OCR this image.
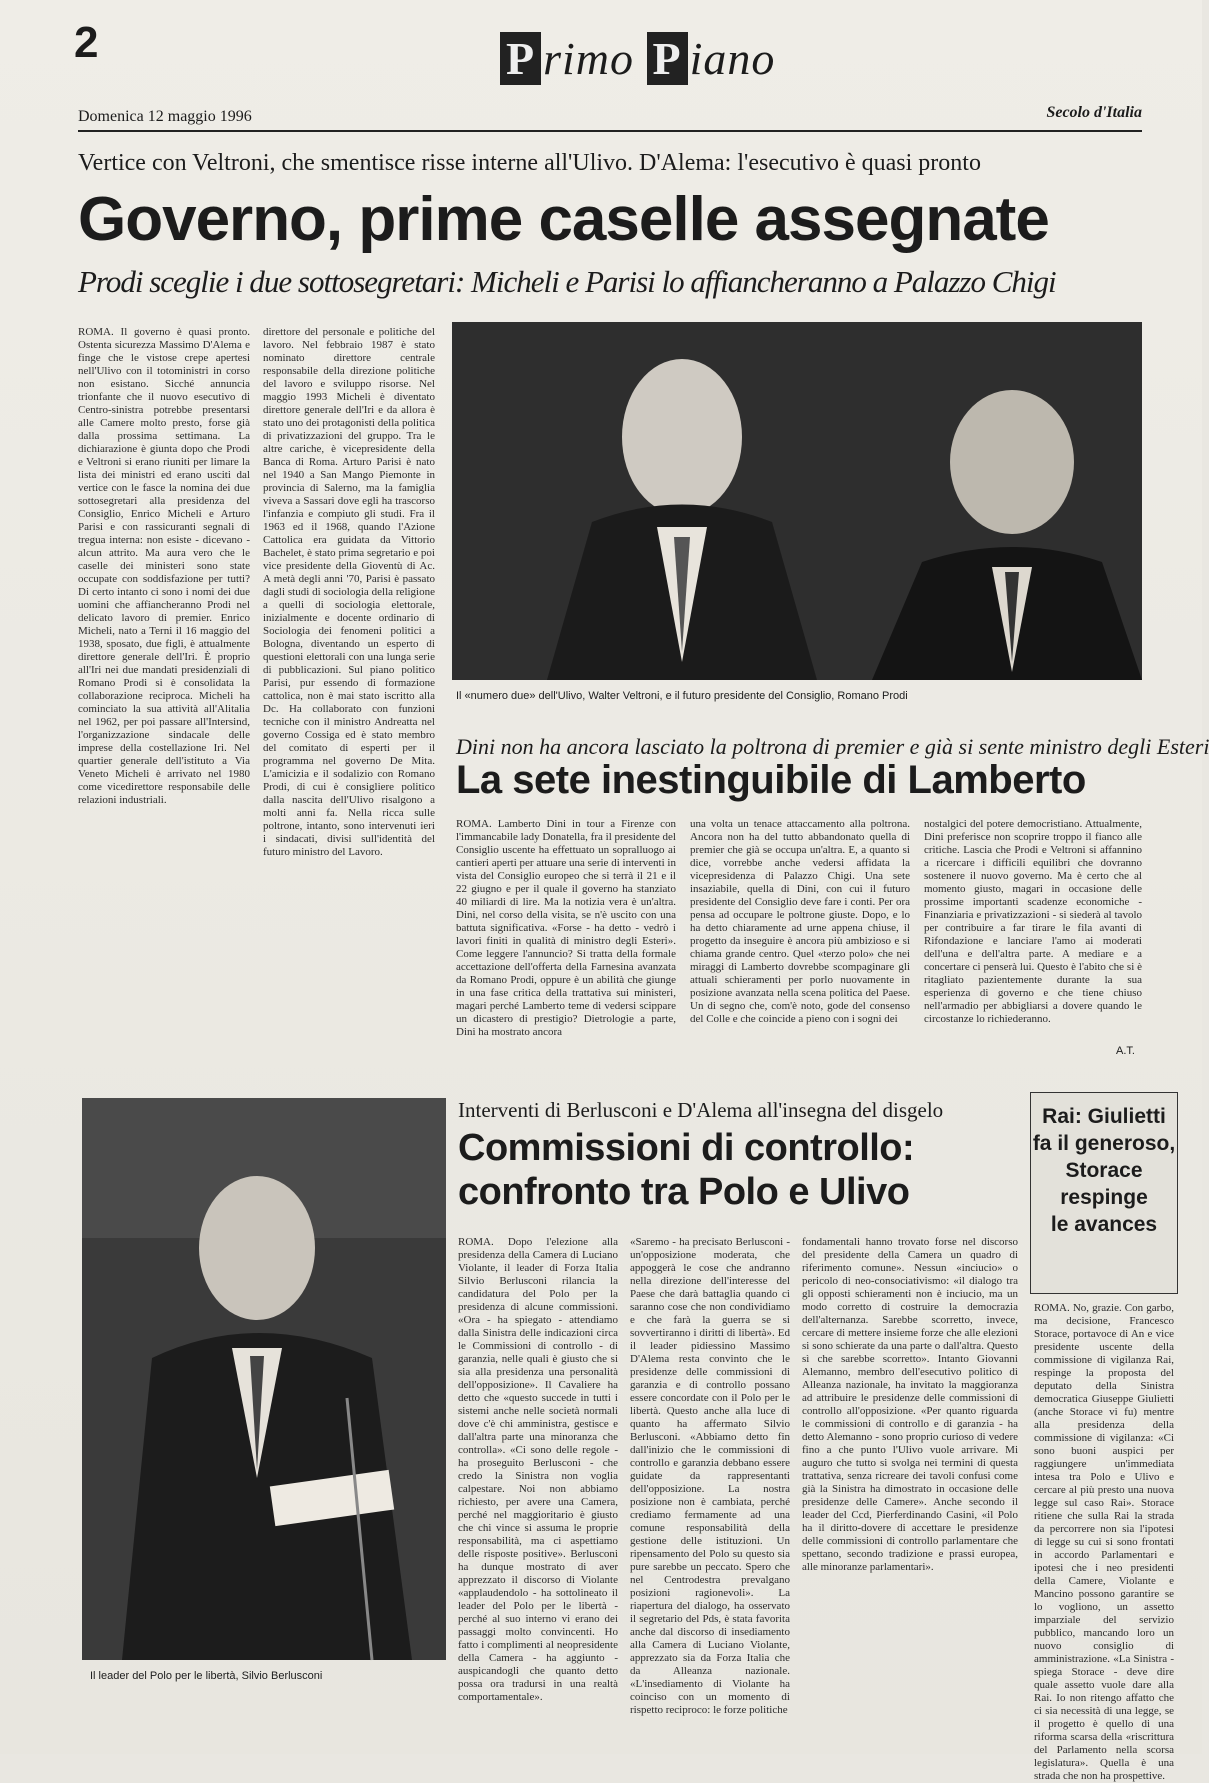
2	P rimo P iano
Domenica 12 maggio 1996	Secolo d'Italia
Vertice con Veltroni, che smentisce risse interne all'Ulivo. D'Alema: l'esecutivo è quasi pronto
Governo, prime caselle assegnate
Prodi sceglie i due sottosegretari: Micheli e Parisi lo affiancheranno a Palazzo Chigi
ROMA. Il governo è quasi pronto. Ostenta sicurezza Massimo D'Alema e finge che le vistose crepe apertesi nell'Ulivo con il totoministri in corso non esistano. Sicché annuncia trionfante che il nuovo esecutivo di Centro-sinistra potrebbe presentarsi alle Camere molto presto, forse già dalla prossima settimana. La dichiarazione è giunta dopo che Prodi e Veltroni si erano riuniti per limare la lista dei ministri ed erano usciti dal vertice con le fasce la nomina dei due sottosegretari alla presidenza del Consiglio, Enrico Micheli e Arturo Parisi e con rassicuranti segnali di tregua interna: non esiste - dicevano - alcun attrito. Ma aura vero che le caselle dei ministeri sono state occupate con soddisfazione per tutti? Di certo intanto ci sono i nomi dei due uomini che affiancheranno Prodi nel delicato lavoro di premier. Enrico Micheli, nato a Terni il 16 maggio del 1938, sposato, due figli, è attualmente direttore generale dell'Iri. È proprio all'Iri nei due mandati presidenziali di Romano Prodi si è consolidata la collaborazione reciproca. Micheli ha cominciato la sua attività all'Alitalia nel 1962, per poi passare all'Intersind, l'organizzazione sindacale delle imprese della costellazione Iri. Nel quartier generale dell'istituto a Via Veneto Micheli è arrivato nel 1980 come vicedirettore responsabile delle relazioni industriali.
direttore del personale e politiche del lavoro. Nel febbraio 1987 è stato nominato direttore centrale responsabile della direzione politiche del lavoro e sviluppo risorse. Nel maggio 1993 Micheli è diventato direttore generale dell'Iri e da allora è stato uno dei protagonisti della politica di privatizzazioni del gruppo. Tra le altre cariche, è vicepresidente della Banca di Roma. Arturo Parisi è nato nel 1940 a San Mango Piemonte in provincia di Salerno, ma la famiglia viveva a Sassari dove egli ha trascorso l'infanzia e compiuto gli studi. Fra il 1963 ed il 1968, quando l'Azione Cattolica era guidata da Vittorio Bachelet, è stato prima segretario e poi vice presidente della Gioventù di Ac. A metà degli anni '70, Parisi è passato dagli studi di sociologia della religione a quelli di sociologia elettorale, inizialmente e docente ordinario di Sociologia dei fenomeni politici a Bologna, diventando un esperto di questioni elettorali con una lunga serie di pubblicazioni. Sul piano politico Parisi, pur essendo di formazione cattolica, non è mai stato iscritto alla Dc. Ha collaborato con funzioni tecniche con il ministro Andreatta nel governo Cossiga ed è stato membro del comitato di esperti per il programma nel governo De Mita. L'amicizia e il sodalizio con Romano Prodi, di cui è consigliere politico dalla nascita dell'Ulivo risalgono a molti anni fa. Nella ricca sulle poltrone, intanto, sono intervenuti ieri i sindacati, divisi sull'identità del futuro ministro del Lavoro.
Il «numero due» dell'Ulivo, Walter Veltroni, e il futuro presidente del Consiglio, Romano Prodi
Dini non ha ancora lasciato la poltrona di premier e già si sente ministro degli Esteri
La sete inestinguibile di Lamberto
ROMA. Lamberto Dini in tour a Firenze con l'immancabile lady Donatella, fra il presidente del Consiglio uscente ha effettuato un sopralluogo ai cantieri aperti per attuare una serie di interventi in vista del Consiglio europeo che si terrà il 21 e il 22 giugno e per il quale il governo ha stanziato 40 miliardi di lire. Ma la notizia vera è un'altra. Dini, nel corso della visita, se n'è uscito con una battuta significativa. «Forse - ha detto - vedrò i lavori finiti in qualità di ministro degli Esteri». Come leggere l'annuncio? Si tratta della formale accettazione dell'offerta della Farnesina avanzata da Romano Prodi, oppure è un abilità che giunge in una fase critica della trattativa sui ministeri, magari perché Lamberto teme di vedersi scippare un dicastero di prestigio? Dietrologie a parte, Dini ha mostrato ancora
una volta un tenace attaccamento alla poltrona. Ancora non ha del tutto abbandonato quella di premier che già se occupa un'altra. E, a quanto si dice, vorrebbe anche vedersi affidata la vicepresidenza di Palazzo Chigi. Una sete insaziabile, quella di Dini, con cui il futuro presidente del Consiglio deve fare i conti. Per ora pensa ad occupare le poltrone giuste. Dopo, e lo ha detto chiaramente ad urne appena chiuse, il progetto da inseguire è ancora più ambizioso e si chiama grande centro. Quel «terzo polo» che nei miraggi di Lamberto dovrebbe scompaginare gli attuali schieramenti per porlo nuovamente in posizione avanzata nella scena politica del Paese. Un di segno che, com'è noto, gode del consenso del Colle e che coincide a pieno con i sogni dei
nostalgici del potere democristiano. Attualmente, Dini preferisce non scoprire troppo il fianco alle critiche. Lascia che Prodi e Veltroni si affannino a ricercare i difficili equilibri che dovranno sostenere il nuovo governo. Ma è certo che al momento giusto, magari in occasione delle prossime importanti scadenze economiche - Finanziaria e privatizzazioni - si siederà al tavolo per contribuire a far tirare le fila avanti di Rifondazione e lanciare l'amo ai moderati dell'una e dell'altra parte. A mediare e a concertare ci penserà lui. Questo è l'abito che si è ritagliato pazientemente durante la sua esperienza di governo e che tiene chiuso nell'armadio per abbigliarsi a dovere quando le circostanze lo richiederanno.
A.T.
Il leader del Polo per le libertà, Silvio Berlusconi
Interventi di Berlusconi e D'Alema all'insegna del disgelo
Commissioni di controllo:
confronto tra Polo e Ulivo
ROMA. Dopo l'elezione alla presidenza della Camera di Luciano Violante, il leader di Forza Italia Silvio Berlusconi rilancia la candidatura del Polo per la presidenza di alcune commissioni. «Ora - ha spiegato - attendiamo dalla Sinistra delle indicazioni circa le Commissioni di controllo - di garanzia, nelle quali è giusto che si sia alla presidenza una personalità dell'opposizione». Il Cavaliere ha detto che «questo succede in tutti i sistemi anche nelle società normali dove c'è chi amministra, gestisce e dall'altra parte una minoranza che controlla». «Ci sono delle regole - ha proseguito Berlusconi - che credo la Sinistra non voglia calpestare. Noi non abbiamo richiesto, per avere una Camera, perché nel maggioritario è giusto che chi vince si assuma le proprie responsabilità, ma ci aspettiamo delle risposte positive». Berlusconi ha dunque mostrato di aver apprezzato il discorso di Violante «applaudendolo - ha sottolineato il leader del Polo per le libertà - perché al suo interno vi erano dei passaggi molto convincenti. Ho fatto i complimenti al neopresidente della Camera - ha aggiunto - auspicandogli che quanto detto possa ora tradursi in una realtà comportamentale».
«Saremo - ha precisato Berlusconi - un'opposizione moderata, che appoggerà le cose che andranno nella direzione dell'interesse del Paese che darà battaglia quando ci saranno cose che non condividiamo e che farà la guerra se si sovvertiranno i diritti di libertà». Ed il leader pidiessino Massimo D'Alema resta convinto che le presidenze delle commissioni di garanzia e di controllo possano essere concordate con il Polo per le libertà. Questo anche alla luce di quanto ha affermato Silvio Berlusconi. «Abbiamo detto fin dall'inizio che le commissioni di controllo e garanzia debbano essere guidate da rappresentanti dell'opposizione. La nostra posizione non è cambiata, perché crediamo fermamente ad una comune responsabilità della gestione delle istituzioni. Un ripensamento del Polo su questo sia pure sarebbe un peccato. Spero che nel Centrodestra prevalgano posizioni ragionevoli». La riapertura del dialogo, ha osservato il segretario del Pds, è stata favorita anche dal discorso di insediamento alla Camera di Luciano Violante, apprezzato sia da Forza Italia che da Alleanza nazionale. «L'insediamento di Violante ha coinciso con un momento di rispetto reciproco: le forze politiche
fondamentali hanno trovato forse nel discorso del presidente della Camera un quadro di riferimento comune». Nessun «inciucio» o pericolo di neo-consociativismo: «il dialogo tra gli opposti schieramenti non è inciucio, ma un modo corretto di costruire la democrazia dell'alternanza. Sarebbe scorretto, invece, cercare di mettere insieme forze che alle elezioni si sono schierate da una parte o dall'altra. Questo sì che sarebbe scorretto». Intanto Giovanni Alemanno, membro dell'esecutivo politico di Alleanza nazionale, ha invitato la maggioranza ad attribuire le presidenze delle commissioni di controllo all'opposizione. «Per quanto riguarda le commissioni di controllo e di garanzia - ha detto Alemanno - sono proprio curioso di vedere fino a che punto l'Ulivo vuole arrivare. Mi auguro che tutto si svolga nei termini di questa trattativa, senza ricreare dei tavoli confusi come già la Sinistra ha dimostrato in occasione delle presidenze delle Camere». Anche secondo il leader del Ccd, Pierferdinando Casini, «il Polo ha il diritto-dovere di accettare le presidenze delle commissioni di controllo parlamentare che spettano, secondo tradizione e prassi europea, alle minoranze parlamentari».
Rai: Giulietti
fa il generoso,
Storace
respinge
le avances
ROMA. No, grazie. Con garbo, ma decisione, Francesco Storace, portavoce di An e vice presidente uscente della commissione di vigilanza Rai, respinge la proposta del deputato della Sinistra democratica Giuseppe Giulietti (anche Storace vi fu) mentre alla presidenza della commissione di vigilanza: «Ci sono buoni auspici per raggiungere un'immediata intesa tra Polo e Ulivo e cercare al più presto una nuova legge sul caso Rai». Storace ritiene che sulla Rai la strada da percorrere non sia l'ipotesi di legge su cui si sono frontati in accordo Parlamentari e ipotesi che i neo presidenti della Camere, Violante e Mancino possono garantire se lo vogliono, un assetto imparziale del servizio pubblico, mancando loro un nuovo consiglio di amministrazione. «La Sinistra - spiega Storace - deve dire quale assetto vuole dare alla Rai. Io non ritengo affatto che ci sia necessità di una legge, se il progetto è quello di una riforma scarsa della «riscrittura del Parlamento nella scorsa legislatura». Quella è una strada che non ha prospettive.
